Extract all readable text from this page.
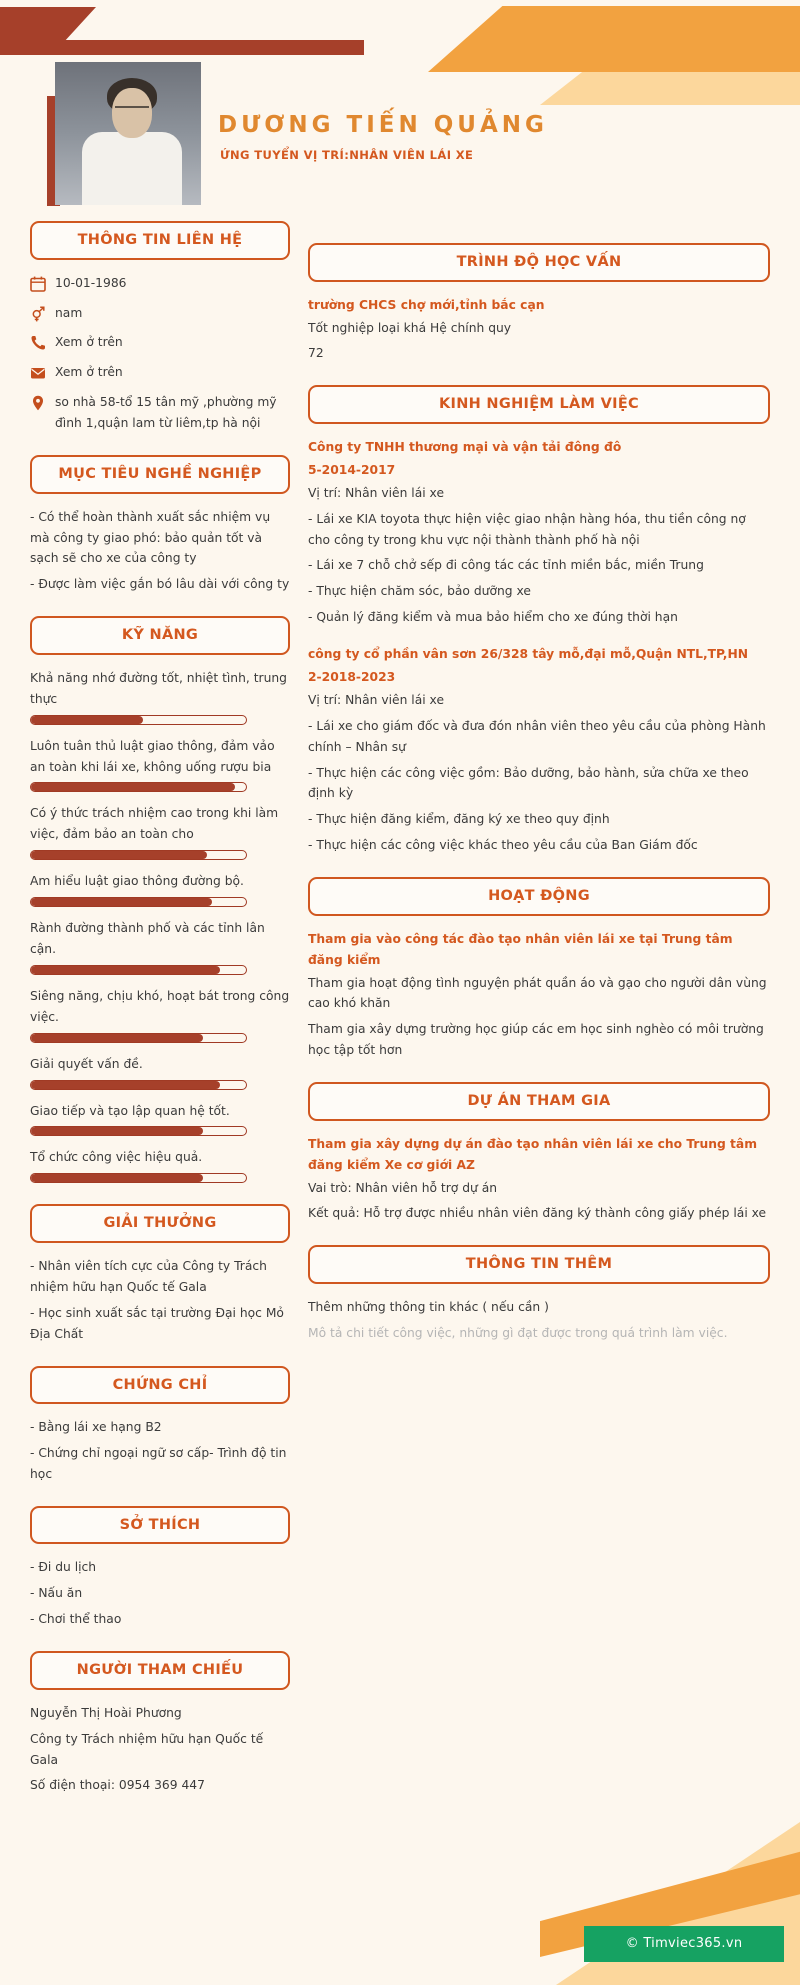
DƯƠNG TIẾN QUẢNG
ỨNG TUYỂN VỊ TRÍ:NHÂN VIÊN LÁI XE
THÔNG TIN LIÊN HỆ
10-01-1986
nam
Xem ở trên
Xem ở trên
so nhà 58-tổ 15 tân mỹ ,phường mỹ đình 1,quận lam từ liêm,tp hà nội
MỤC TIÊU NGHỀ NGHIỆP

- Có thể hoàn thành xuất sắc nhiệm vụ mà công ty giao phó: bảo quản tốt và sạch sẽ cho xe của công ty

- Được làm việc gắn bó lâu dài với công ty

KỸ NĂNG
Khả năng nhớ đường tốt, nhiệt tình, trung thực
Luôn tuân thủ luật giao thông, đảm vảo an toàn khi lái xe, không uống rượu bia
Có ý thức trách nhiệm cao trong khi làm việc, đảm bảo an toàn cho
Am hiểu luật giao thông đường bộ.
Rành đường thành phố và các tỉnh lân cận.
Siêng năng, chịu khó, hoạt bát trong công việc.
Giải quyết vấn đề.
Giao tiếp và tạo lập quan hệ tốt.
Tổ chức công việc hiệu quả.
GIẢI THƯỞNG

- Nhân viên tích cực của Công ty Trách nhiệm hữu hạn Quốc tế Gala

- Học sinh xuất sắc tại trường Đại học Mỏ Địa Chất

CHỨNG CHỈ

- Bằng lái xe hạng B2

- Chứng chỉ ngoại ngữ sơ cấp- Trình độ tin học

SỞ THÍCH

- Đi du lịch

- Nấu ăn

- Chơi thể thao

NGƯỜI THAM CHIẾU

Nguyễn Thị Hoài Phương

Công ty Trách nhiệm hữu hạn Quốc tế Gala

Số điện thoại: 0954 369 447

TRÌNH ĐỘ HỌC VẤN

trường CHCS chợ mới,tỉnh bắc cạn

Tốt nghiệp loại khá Hệ chính quy

72

KINH NGHIỆM LÀM VIỆC

Công ty TNHH thương mại và vận tải đông đô

5-2014-2017

Vị trí: Nhân viên lái xe

- Lái xe KIA toyota thực hiện việc giao nhận hàng hóa, thu tiền công nợ cho công ty trong khu vực nội thành thành phố hà nội

- Lái xe 7 chỗ chở sếp đi công tác các tỉnh miền bắc, miền Trung

- Thực hiện chăm sóc, bảo dưỡng xe

- Quản lý đăng kiểm và mua bảo hiểm cho xe đúng thời hạn

công ty cổ phần vân sơn 26/328 tây mỗ,đại mỗ,Quận NTL,TP,HN

2-2018-2023

Vị trí: Nhân viên lái xe

- Lái xe cho giám đốc và đưa đón nhân viên theo yêu cầu của phòng Hành chính – Nhân sự

- Thực hiện các công việc gồm: Bảo dưỡng, bảo hành, sửa chữa xe theo định kỳ

- Thực hiện đăng kiểm, đăng ký xe theo quy định

- Thực hiện các công việc khác theo yêu cầu của Ban Giám đốc

HOẠT ĐỘNG

Tham gia vào công tác đào tạo nhân viên lái xe tại Trung tâm đăng kiểm

Tham gia hoạt động tình nguyện phát quần áo và gạo cho người dân vùng cao khó khăn

Tham gia xây dựng trường học giúp các em học sinh nghèo có môi trường học tập tốt hơn

DỰ ÁN THAM GIA

Tham gia xây dựng dự án đào tạo nhân viên lái xe cho Trung tâm đăng kiểm Xe cơ giới AZ

Vai trò: Nhân viên hỗ trợ dự án

Kết quả: Hỗ trợ được nhiều nhân viên đăng ký thành công giấy phép lái xe

THÔNG TIN THÊM

Thêm những thông tin khác ( nếu cần )

Mô tả chi tiết công việc, những gì đạt được trong quá trình làm việc.

© Timviec365.vn
